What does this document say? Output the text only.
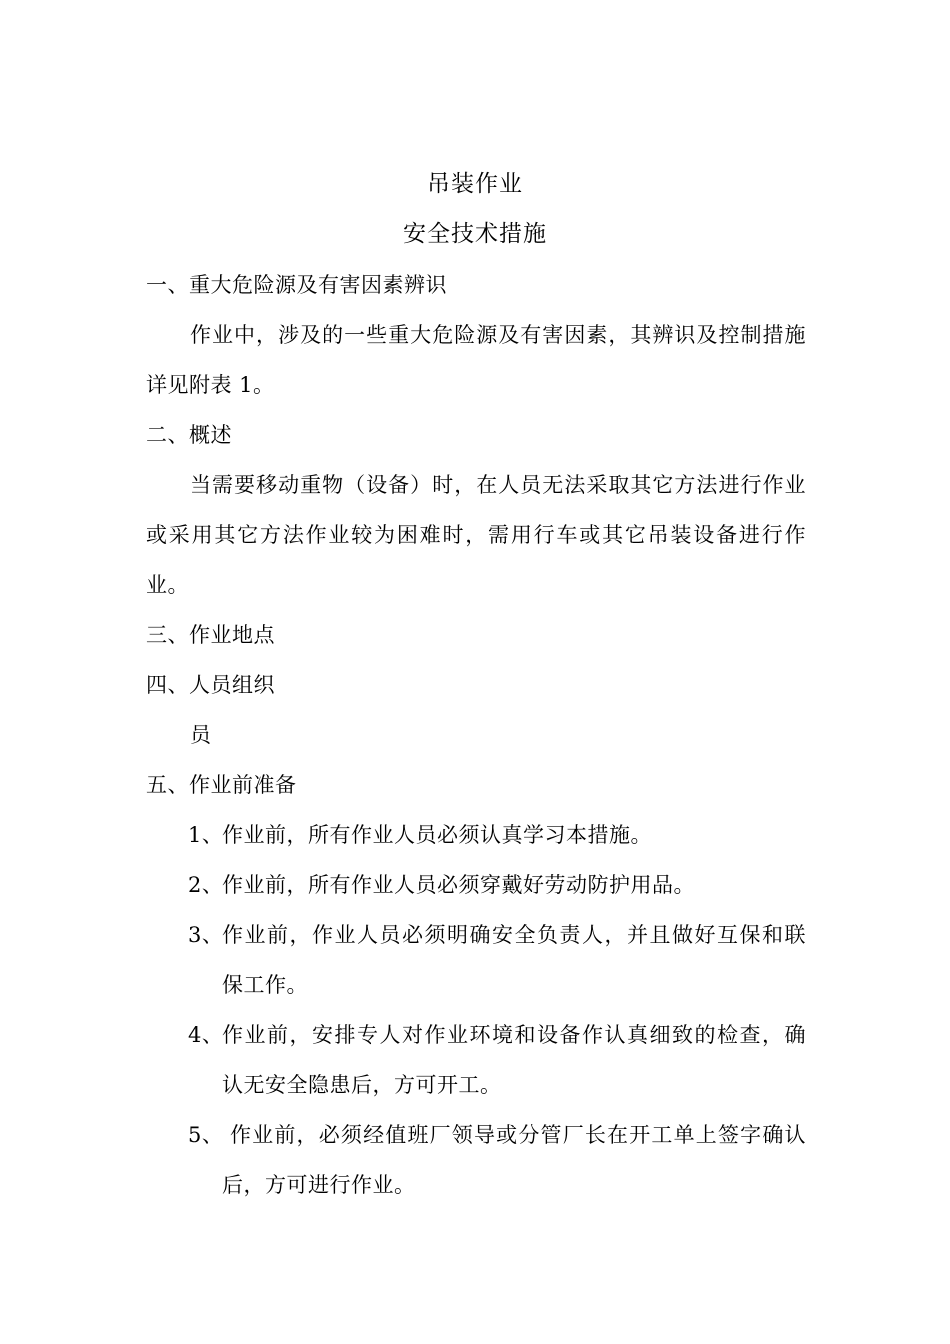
吊装作业
安全技术措施
一、重大危险源及有害因素辨识
作业中，涉及的一些重大危险源及有害因素，其辨识及控制措施
详见附表 1。
二、概述
当需要移动重物（设备）时，在人员无法采取其它方法进行作业
或采用其它方法作业较为困难时，需用行车或其它吊装设备进行作
业。
三、作业地点
四、人员组织
员
五、作业前准备
1、
作业前，所有作业人员必须认真学习本措施。
2、
作业前，所有作业人员必须穿戴好劳动防护用品。
3、
作业前，作业人员必须明确安全负责人，并且做好互保和联
保工作。
4、
作业前，安排专人对作业环境和设备作认真细致的检查，确
认无安全隐患后，方可开工。
5、 作业前，必须经值班厂领导或分管厂长在开工单上签字确认
后，方可进行作业。
